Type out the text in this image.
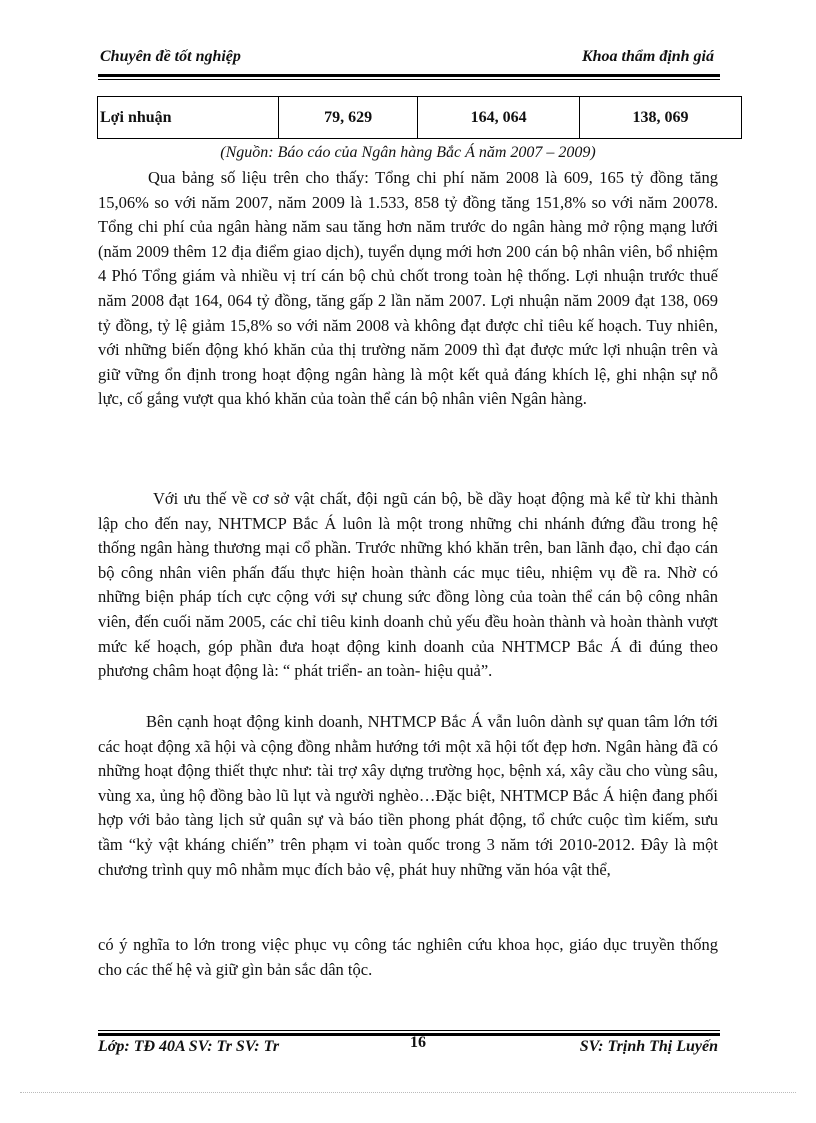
Chuyên đề tốt nghiệp	Khoa thẩm định giá
Lợi nhuận	79, 629	164, 064	138, 069
(Nguồn: Báo cáo của Ngân hàng Bắc Á năm 2007 – 2009)

Qua bảng số liệu trên cho thấy: Tổng chi phí năm 2008 là 609, 165 tỷ đồng tăng 15,06% so với năm 2007, năm 2009 là 1.533, 858 tỷ đồng tăng 151,8% so với năm 20078. Tổng chi phí của ngân hàng năm sau tăng hơn năm trước do ngân hàng mở rộng mạng lưới (năm 2009 thêm 12 địa điểm giao dịch), tuyển dụng mới hơn 200 cán bộ nhân viên, bổ nhiệm 4 Phó Tổng giám và nhiều vị trí cán bộ chủ chốt trong toàn hệ thống. Lợi nhuận trước thuế năm 2008 đạt 164, 064 tỷ đồng, tăng gấp 2 lần năm 2007. Lợi nhuận năm 2009 đạt 138, 069 tỷ đồng, tỷ lệ giảm 15,8% so với năm 2008 và không đạt được chỉ tiêu kế hoạch. Tuy nhiên, với những biến động khó khăn của thị trường năm 2009 thì đạt được mức lợi nhuận trên và giữ vững ổn định trong hoạt động ngân hàng là một kết quả đáng khích lệ, ghi nhận sự nỗ lực, cố gắng vượt qua khó khăn của toàn thể cán bộ nhân viên Ngân hàng.

Với ưu thế về cơ sở vật chất, đội ngũ cán bộ, bề dầy hoạt động mà kể từ khi thành lập cho đến nay, NHTMCP Bắc Á luôn là một trong những chi nhánh đứng đầu trong hệ thống ngân hàng thương mại cổ phần. Trước những khó khăn trên, ban lãnh đạo, chỉ đạo cán bộ công nhân viên phấn đấu thực hiện hoàn thành các mục tiêu, nhiệm vụ đề ra. Nhờ có những biện pháp tích cực cộng với sự chung sức đồng lòng của toàn thể cán bộ công nhân viên, đến cuối năm 2005, các chỉ tiêu kinh doanh chủ yếu đều hoàn thành và hoàn thành vượt mức kế hoạch, góp phần đưa hoạt động kinh doanh của NHTMCP Bắc Á đi đúng theo phương châm hoạt động là: “ phát triển- an toàn- hiệu quả”.

Bên cạnh hoạt động kinh doanh, NHTMCP Bắc Á vẫn luôn dành sự quan tâm lớn tới các hoạt động xã hội và cộng đồng nhằm hướng tới một xã hội tốt đẹp hơn. Ngân hàng đã có những hoạt động thiết thực như: tài trợ xây dựng trường học, bệnh xá, xây cầu cho vùng sâu, vùng xa, ủng hộ đồng bào lũ lụt và người nghèo…Đặc biệt, NHTMCP Bắc Á hiện đang phối hợp với bảo tàng lịch sử quân sự và báo tiền phong phát động, tổ chức cuộc tìm kiếm, sưu tầm “kỷ vật kháng chiến” trên phạm vi toàn quốc trong 3 năm tới 2010-2012. Đây là một chương trình quy mô nhằm mục đích bảo vệ, phát huy những văn hóa vật thể,

có ý nghĩa to lớn trong việc phục vụ công tác nghiên cứu khoa học, giáo dục truyền thống cho các thế hệ và giữ gìn bản sắc dân tộc.

Lớp: TĐ 40A SV: Tr SV: Tr	16	SV: Trịnh Thị Luyến
